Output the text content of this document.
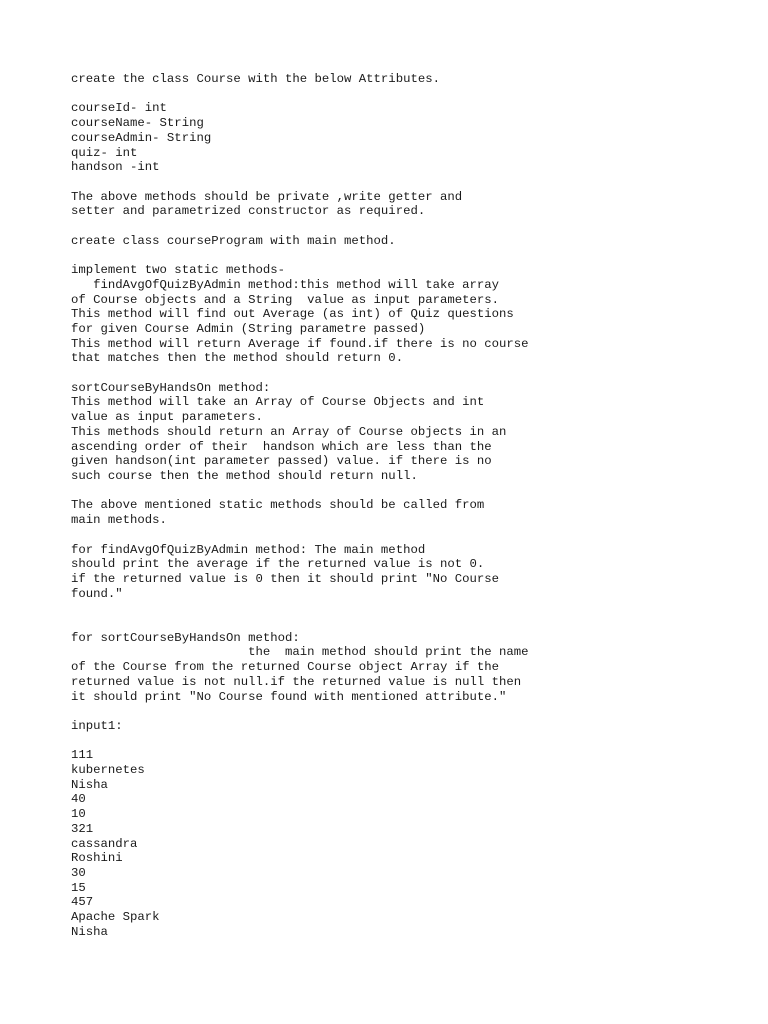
create the class Course with the below Attributes.

courseId- int
courseName- String
courseAdmin- String
quiz- int
handson -int

The above methods should be private ,write getter and
setter and parametrized constructor as required.

create class courseProgram with main method.

implement two static methods-
findAvgOfQuizByAdmin method:this method will take array
of Course objects and a String  value as input parameters.
This method will find out Average (as int) of Quiz questions
for given Course Admin (String parametre passed)
This method will return Average if found.if there is no course
that matches then the method should return 0.

sortCourseByHandsOn method:
This method will take an Array of Course Objects and int
value as input parameters.
This methods should return an Array of Course objects in an
ascending order of their  handson which are less than the
given handson(int parameter passed) value. if there is no
such course then the method should return null.

The above mentioned static methods should be called from
main methods.

for findAvgOfQuizByAdmin method: The main method
should print the average if the returned value is not 0.
if the returned value is 0 then it should print "No Course
found."

for sortCourseByHandsOn method:
the  main method should print the name
of the Course from the returned Course object Array if the
returned value is not null.if the returned value is null then
it should print "No Course found with mentioned attribute."

input1:

111
kubernetes
Nisha
40
10
321
cassandra
Roshini
30
15
457
Apache Spark
Nisha
